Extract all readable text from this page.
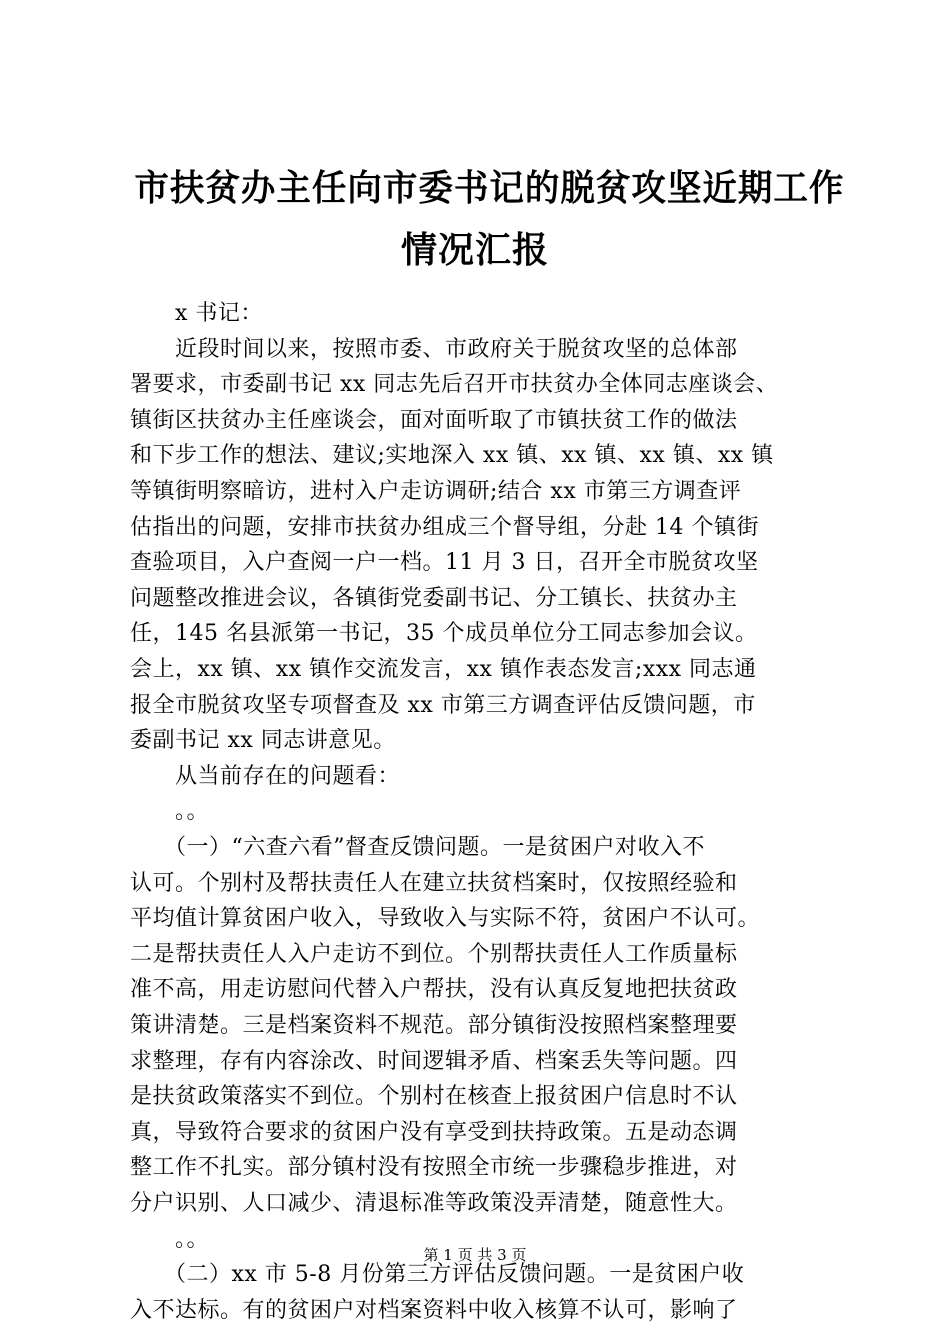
市扶贫办主任向市委书记的脱贫攻坚近期工作
情况汇报
　　x 书记：
　　近段时间以来，按照市委、市政府关于脱贫攻坚的总体部
署要求，市委副书记 xx 同志先后召开市扶贫办全体同志座谈会、
镇街区扶贫办主任座谈会，面对面听取了市镇扶贫工作的做法
和下步工作的想法、建议;实地深入 xx 镇、xx 镇、xx 镇、xx 镇
等镇街明察暗访，进村入户走访调研;结合 xx 市第三方调查评
估指出的问题，安排市扶贫办组成三个督导组，分赴 14 个镇街
查验项目，入户查阅一户一档。11 月 3 日，召开全市脱贫攻坚
问题整改推进会议，各镇街党委副书记、分工镇长、扶贫办主
任，145 名县派第一书记，35 个成员单位分工同志参加会议。
会上，xx 镇、xx 镇作交流发言，xx 镇作表态发言;xxx 同志通
报全市脱贫攻坚专项督查及 xx 市第三方调查评估反馈问题，市
委副书记 xx 同志讲意见。
　　从当前存在的问题看：
　　。。
　　（一）“六查六看”督查反馈问题。一是贫困户对收入不
认可。个别村及帮扶责任人在建立扶贫档案时，仅按照经验和
平均值计算贫困户收入，导致收入与实际不符，贫困户不认可。
二是帮扶责任人入户走访不到位。个别帮扶责任人工作质量标
准不高，用走访慰问代替入户帮扶，没有认真反复地把扶贫政
策讲清楚。三是档案资料不规范。部分镇街没按照档案整理要
求整理，存有内容涂改、时间逻辑矛盾、档案丢失等问题。四
是扶贫政策落实不到位。个别村在核查上报贫困户信息时不认
真，导致符合要求的贫困户没有享受到扶持政策。五是动态调
整工作不扎实。部分镇村没有按照全市统一步骤稳步推进，对
分户识别、人口减少、清退标准等政策没弄清楚，随意性大。
　　。。
　　（二）xx 市 5-8 月份第三方评估反馈问题。一是贫困户收
入不达标。有的贫困户对档案资料中收入核算不认可，影响了
第 1 页 共 3 页
